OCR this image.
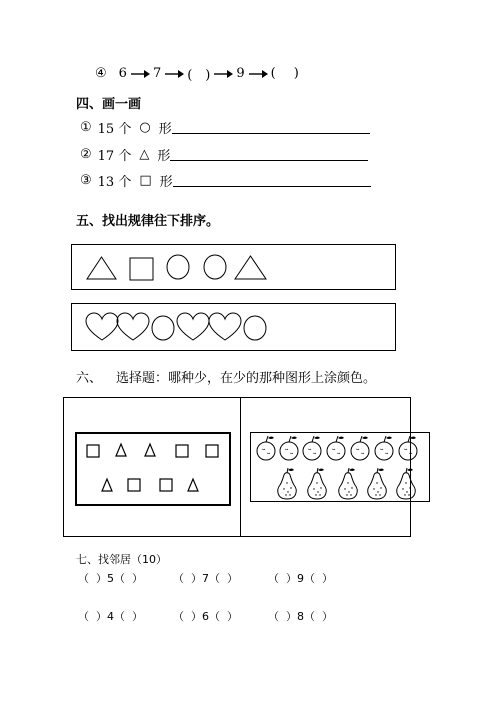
④ 6 7 (　) 9 ( )
四、画一画
① 15 个 ○ 形
② 17 个 △ 形
③ 13 个 □ 形
五、找出规律往下排序。
六、 选择题：哪种少，在少的那种图形上涂颜色。
七、找邻居（10）
（  ）5（  ）	（  ）7（  ）	（  ）9（  ）
（  ）4（  ）	（  ）6（  ）	（  ）8（  ）
